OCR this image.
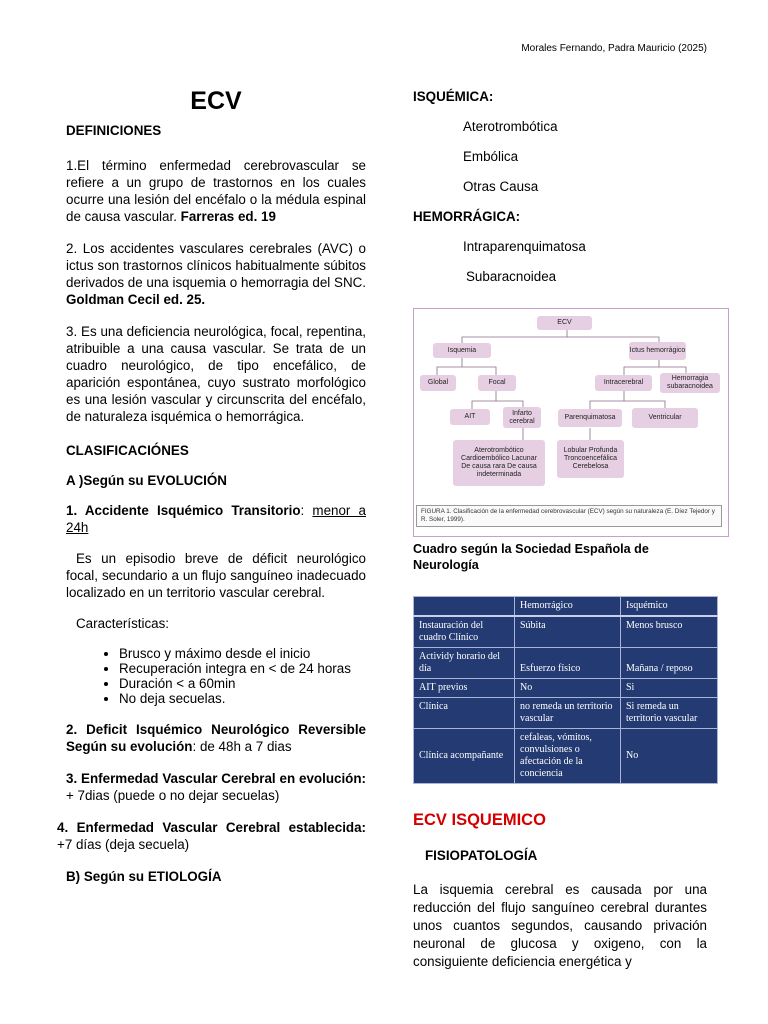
Morales Fernando, Padra Mauricio (2025)
ECV

DEFINICIONES

1.El término enfermedad cerebrovascular se refiere a un grupo de trastornos en los cuales ocurre una lesión del encéfalo o la médula espinal de causa vascular. Farreras ed. 19

2. Los accidentes vasculares cerebrales (AVC) o ictus son trastornos clínicos habitualmente súbitos derivados de una isquemia o hemorragia del SNC. Goldman Cecil ed. 25.

3. Es una deficiencia neurológica, focal, repentina, atribuible a una causa vascular. Se trata de un cuadro neurológico, de tipo encefálico, de aparición espontánea, cuyo sustrato morfológico es una lesión vascular y circunscrita del encéfalo, de naturaleza isquémica o hemorrágica.

CLASIFICACIÓNES

A )Según su EVOLUCIÓN

1. Accidente Isquémico Transitorio: menor a 24h

Es un episodio breve de déficit neurológico focal, secundario a un flujo sanguíneo inadecuado localizado en un territorio vascular cerebral.

Características:

• Brusco y máximo desde el inicio
• Recuperación integra en < de 24 horas
• Duración < a 60min
• No deja secuelas.

2. Deficit Isquémico Neurológico Reversible Según su evolución: de 48h a 7 dias

3. Enfermedad Vascular Cerebral en evolución: + 7dias (puede o no dejar secuelas)

4. Enfermedad Vascular Cerebral establecida: +7 días (deja secuela)

B) Según su ETIOLOGÍA

ISQUÉMICA:

Aterotrombótica

Embólica

Otras Causa

HEMORRÁGICA:

Intraparenquimatosa

Subaracnoidea

ECV
Isquemia	Ictus hemorrágico
Global	Focal	Intracerebral
Hemorragia subaracnoidea
AIT	Infarto cerebral	Parenquimatosa	Ventricular
Aterotrombótico Cardioembólico Lacunar De causa rara De causa indeterminada
Lobular Profunda Troncoencefálica Cerebelosa
FIGURA 1. Clasificación de la enfermedad cerebrovascular (ECV) según su naturaleza (E. Díez Tejedor y R. Soler, 1999).

Cuadro según la Sociedad Española de Neurología

	Hemorrágico	Isquémico
Instauración del cuadro Clínico	Súbita	Menos brusco
Actividy horario del día	Esfuerzo físico	Mañana / reposo
AIT previos	No	Si
Clínica	no remeda un territorio vascular	Si remeda un territorio vascular
Clínica acompañante	cefaleas, vómitos, convulsiones o afectación de la conciencia	No

ECV ISQUEMICO

FISIOPATOLOGÍA

La isquemia cerebral es causada por una reducción del flujo sanguíneo cerebral durantes unos cuantos segundos, causando privación neuronal de glucosa y oxigeno, con la consiguiente deficiencia energética y
